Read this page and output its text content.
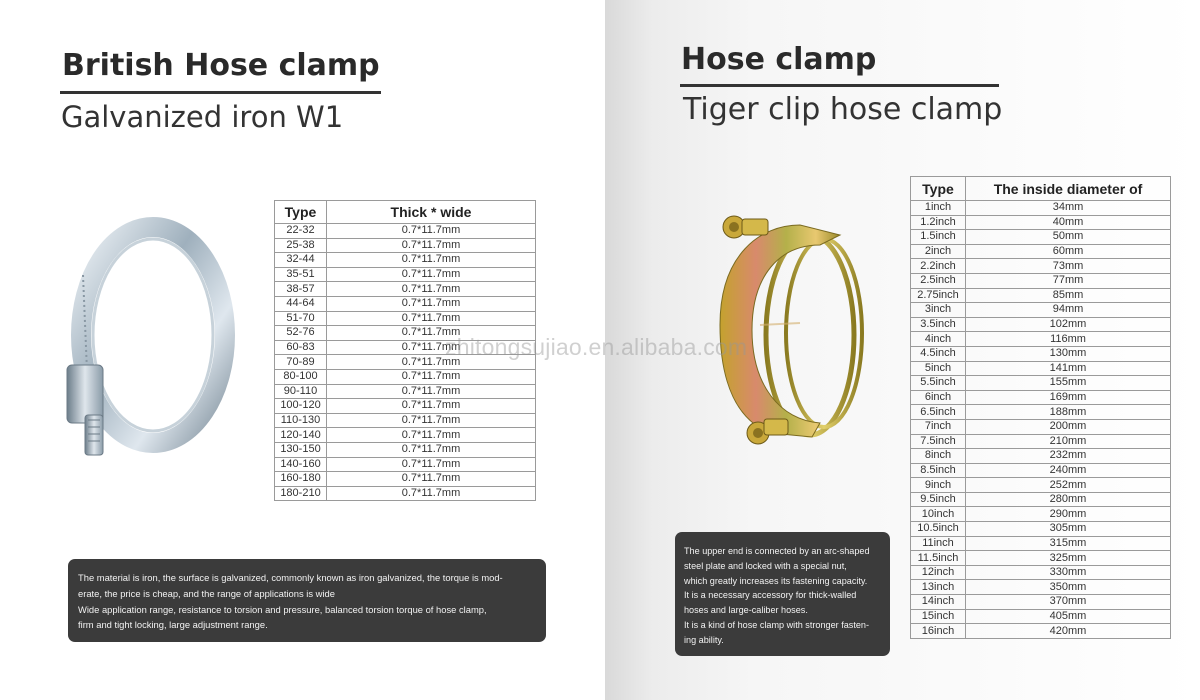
British Hose clamp
Galvanized iron W1
Type	Thick * wide
22-32	0.7*11.7mm
25-38	0.7*11.7mm
32-44	0.7*11.7mm
35-51	0.7*11.7mm
38-57	0.7*11.7mm
44-64	0.7*11.7mm
51-70	0.7*11.7mm
52-76	0.7*11.7mm
60-83	0.7*11.7mm
70-89	0.7*11.7mm
80-100	0.7*11.7mm
90-110	0.7*11.7mm
100-120	0.7*11.7mm
110-130	0.7*11.7mm
120-140	0.7*11.7mm
130-150	0.7*11.7mm
140-160	0.7*11.7mm
160-180	0.7*11.7mm
180-210	0.7*11.7mm

The material is iron, the surface is galvanized, commonly known as iron galvanized, the torque is mod-

erate, the price is cheap, and the range of applications is wide

Wide application range, resistance to torsion and pressure, balanced torsion torque of hose clamp,

firm and tight locking, large adjustment range.

Hose clamp
Tiger clip hose clamp
Type	The inside diameter of
1inch	34mm
1.2inch	40mm
1.5inch	50mm
2inch	60mm
2.2inch	73mm
2.5inch	77mm
2.75inch	85mm
3inch	94mm
3.5inch	102mm
4inch	116mm
4.5inch	130mm
5inch	141mm
5.5inch	155mm
6inch	169mm
6.5inch	188mm
7inch	200mm
7.5inch	210mm
8inch	232mm
8.5inch	240mm
9inch	252mm
9.5inch	280mm
10inch	290mm
10.5inch	305mm
11inch	315mm
11.5inch	325mm
12inch	330mm
13inch	350mm
14inch	370mm
15inch	405mm
16inch	420mm

The upper end is connected by an arc-shaped

steel plate and locked with a special nut,

which greatly increases its fastening capacity.

It is a necessary accessory for thick-walled

hoses and large-caliber hoses.

It is a kind of hose clamp with stronger fasten-

ing ability.

zhitongsujiao.en.alibaba.com
